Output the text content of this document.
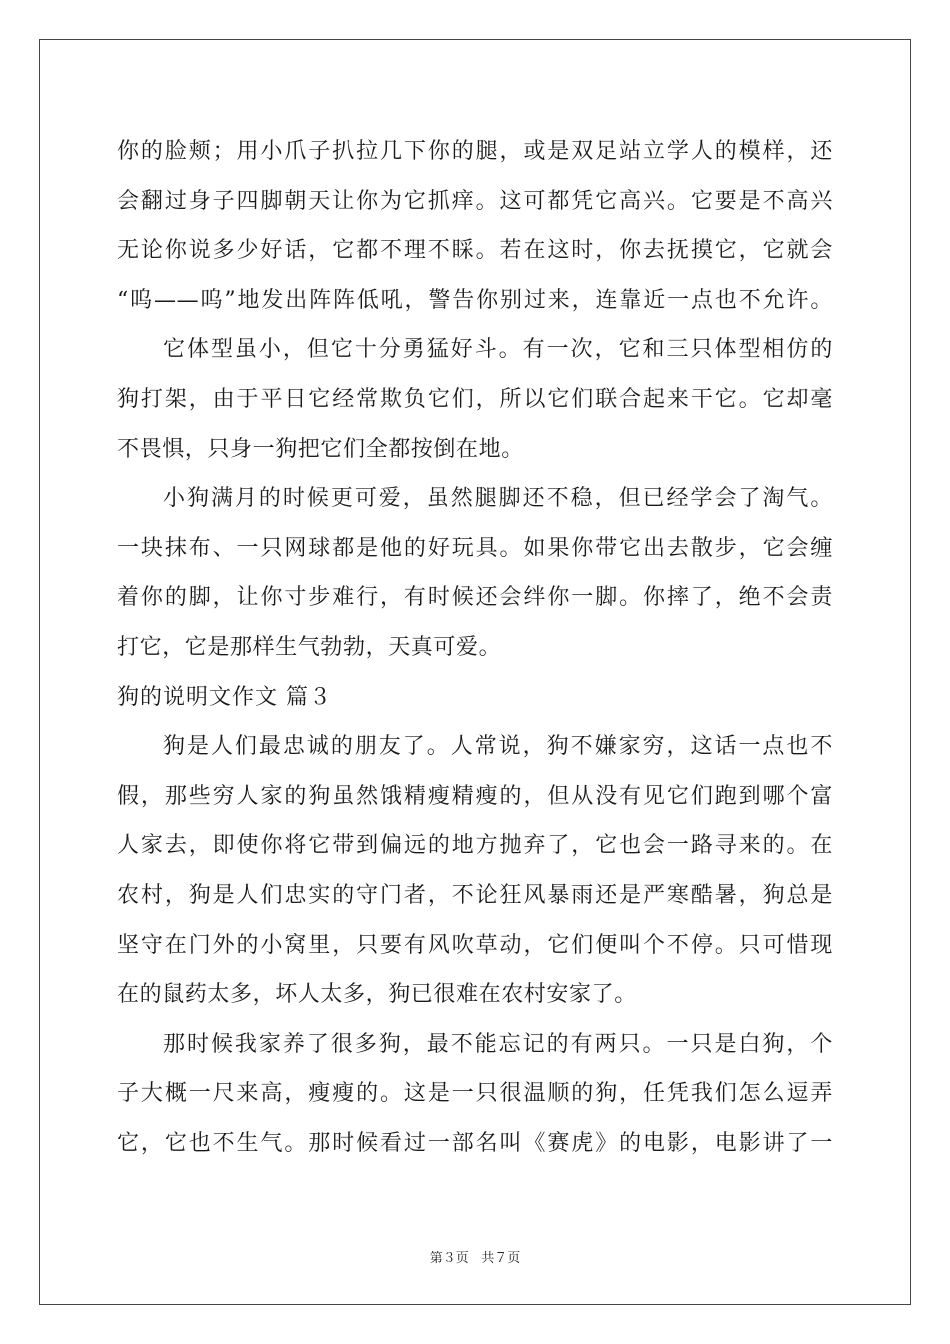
你的脸颊；用小爪子扒拉几下你的腿，或是双足站立学人的模样，还
会翻过身子四脚朝天让你为它抓痒。这可都凭它高兴。它要是不高兴
无论你说多少好话，它都不理不睬。若在这时，你去抚摸它，它就会
“呜——呜”地发出阵阵低吼，警告你别过来，连靠近一点也不允许。
它体型虽小，但它十分勇猛好斗。有一次，它和三只体型相仿的
狗打架，由于平日它经常欺负它们，所以它们联合起来干它。它却毫
不畏惧，只身一狗把它们全都按倒在地。
小狗满月的时候更可爱，虽然腿脚还不稳，但已经学会了淘气。
一块抹布、一只网球都是他的好玩具。如果你带它出去散步，它会缠
着你的脚，让你寸步难行，有时候还会绊你一脚。你摔了，绝不会责
打它，它是那样生气勃勃，天真可爱。
狗的说明文作文 篇３
狗是人们最忠诚的朋友了。人常说，狗不嫌家穷，这话一点也不
假，那些穷人家的狗虽然饿精瘦精瘦的，但从没有见它们跑到哪个富
人家去，即使你将它带到偏远的地方抛弃了，它也会一路寻来的。在
农村，狗是人们忠实的守门者，不论狂风暴雨还是严寒酷暑，狗总是
坚守在门外的小窝里，只要有风吹草动，它们便叫个不停。只可惜现
在的鼠药太多，坏人太多，狗已很难在农村安家了。
那时候我家养了很多狗，最不能忘记的有两只。一只是白狗，个
子大概一尺来高，瘦瘦的。这是一只很温顺的狗，任凭我们怎么逗弄
它，它也不生气。那时候看过一部名叫《赛虎》的电影，电影讲了一
第３页 共７页
